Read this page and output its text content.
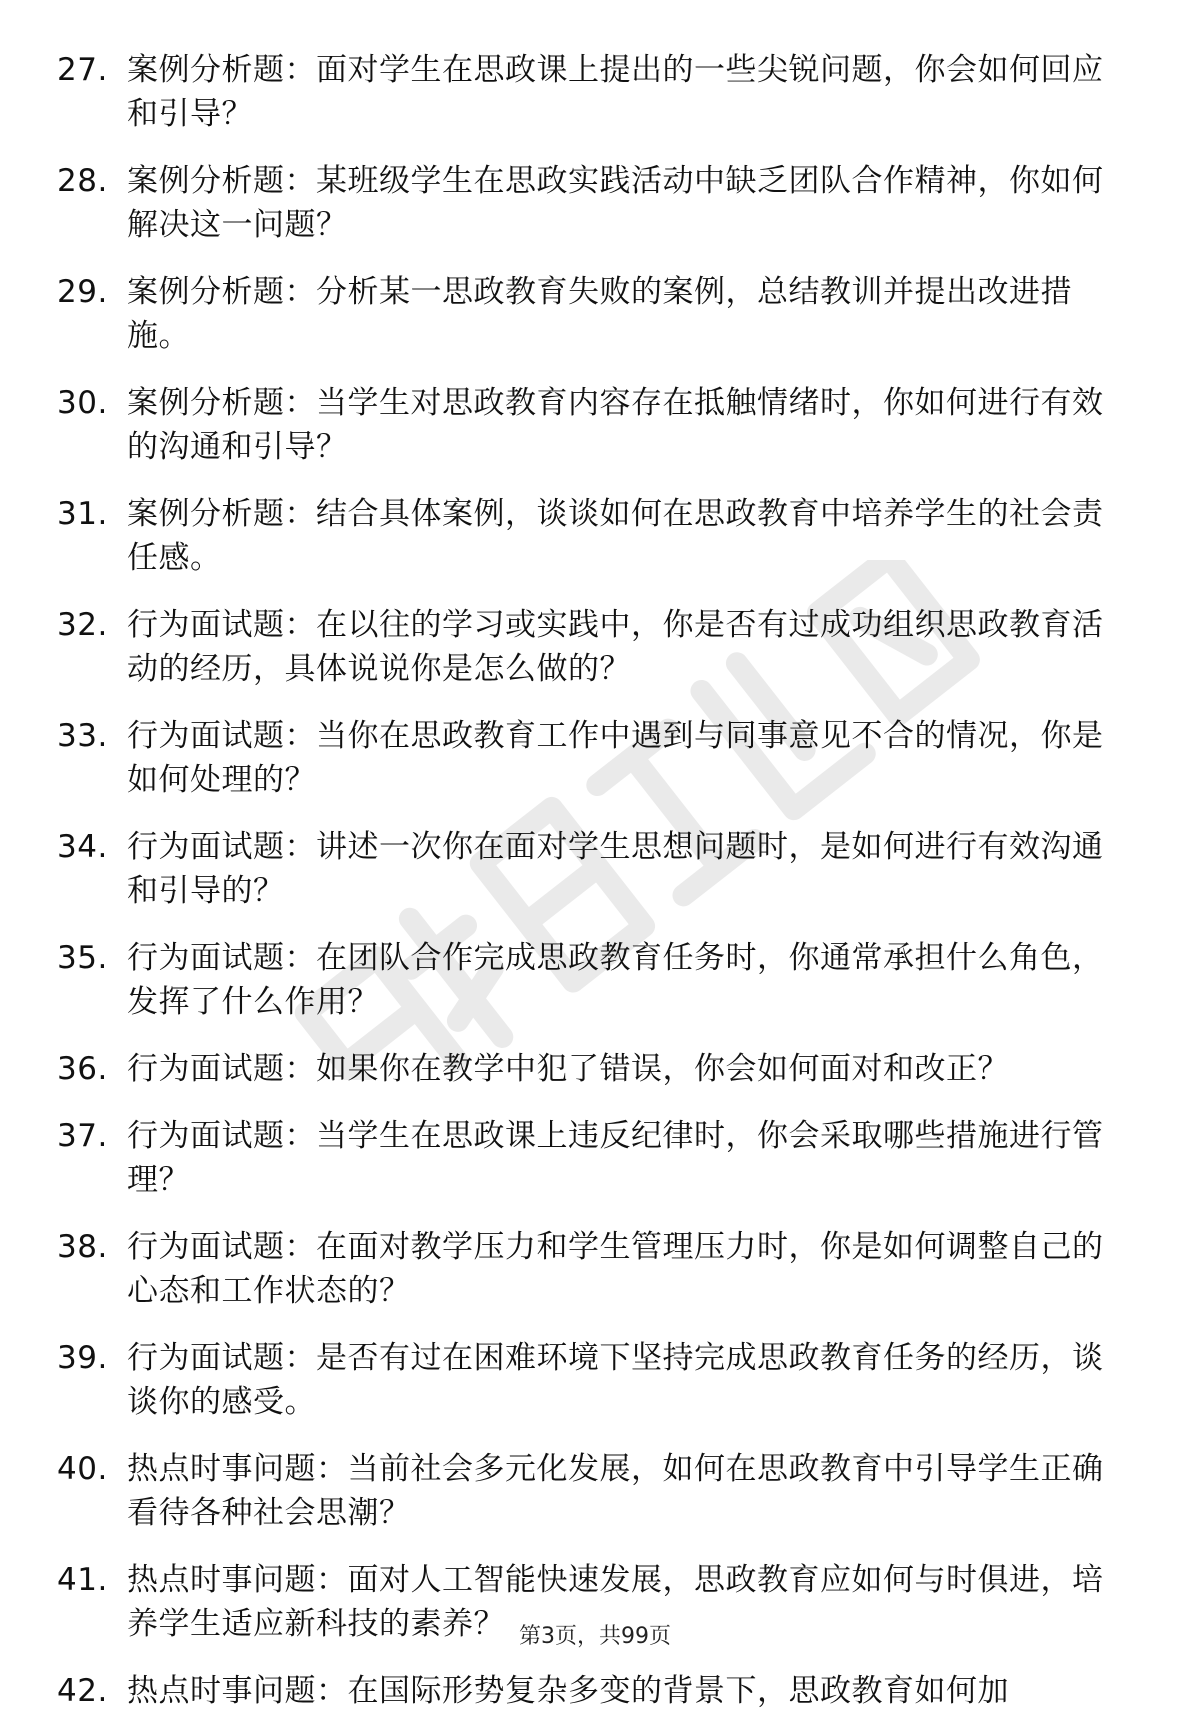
27. 案例分析题：面对学生在思政课上提出的一些尖锐问题，你会如何回应和引导？
28. 案例分析题：某班级学生在思政实践活动中缺乏团队合作精神，你如何解决这一问题？
29. 案例分析题：分析某一思政教育失败的案例，总结教训并提出改进措施。
30. 案例分析题：当学生对思政教育内容存在抵触情绪时，你如何进行有效的沟通和引导？
31. 案例分析题：结合具体案例，谈谈如何在思政教育中培养学生的社会责任感。
32. 行为面试题：在以往的学习或实践中，你是否有过成功组织思政教育活动的经历，具体说说你是怎么做的？
33. 行为面试题：当你在思政教育工作中遇到与同事意见不合的情况，你是如何处理的？
34. 行为面试题：讲述一次你在面对学生思想问题时，是如何进行有效沟通和引导的？
35. 行为面试题：在团队合作完成思政教育任务时，你通常承担什么角色，发挥了什么作用？
36. 行为面试题：如果你在教学中犯了错误，你会如何面对和改正？
37. 行为面试题：当学生在思政课上违反纪律时，你会采取哪些措施进行管理？
38. 行为面试题：在面对教学压力和学生管理压力时，你是如何调整自己的心态和工作状态的？
39. 行为面试题：是否有过在困难环境下坚持完成思政教育任务的经历，谈谈你的感受。
40. 热点时事问题：当前社会多元化发展，如何在思政教育中引导学生正确看待各种社会思潮？
41. 热点时事问题：面对人工智能快速发展，思政教育应如何与时俱进，培养学生适应新科技的素养？
42. 热点时事问题：在国际形势复杂多变的背景下，思政教育如何加
第3页，共99页
